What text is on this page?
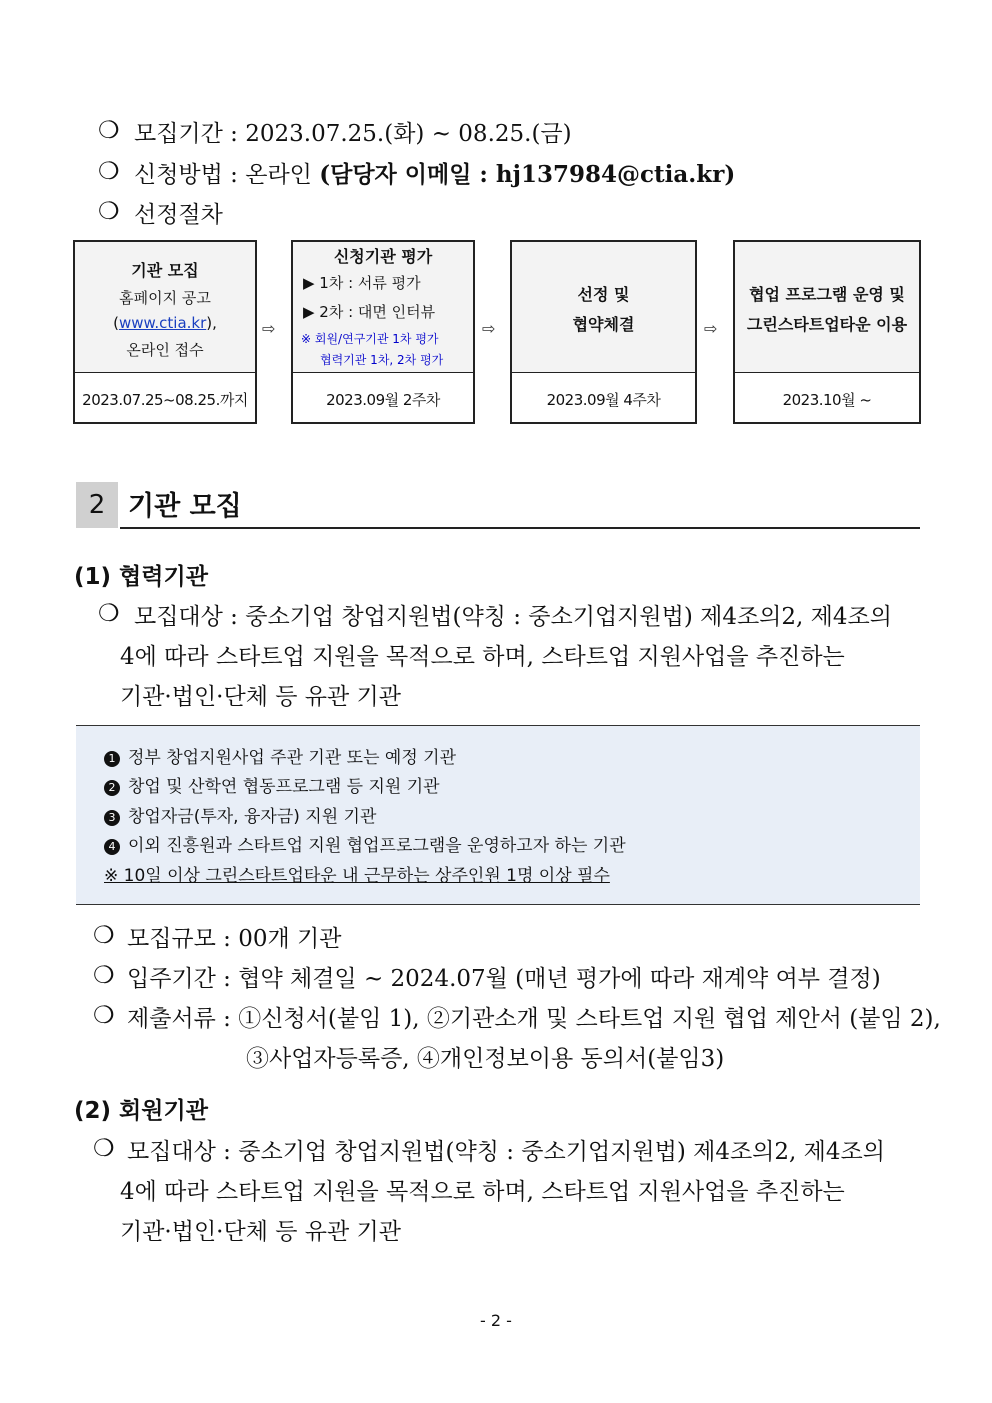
❍ 모집기간 : 2023.07.25.(화) ~ 08.25.(금)
❍ 신청방법 : 온라인 (담당자 이메일 : hj137984@ctia.kr)
❍ 선정절차
기관 모집
홈페이지 공고
(www.ctia.kr),
온라인 접수
2023.07.25~08.25.까지
⇨
신청기관 평가
▶ 1차 : 서류 평가
▶ 2차 : 대면 인터뷰
※ 회원/연구기관 1차 평가
협력기관 1차, 2차 평가
2023.09월 2주차
⇨
선정 및
협약체결
2023.09월 4주차
⇨
협업 프로그램 운영 및
그린스타트업타운 이용
2023.10월 ~
2 기관 모집
(1) 협력기관
❍ 모집대상 : 중소기업 창업지원법(약칭 : 중소기업지원법) 제4조의2, 제4조의
4에 따라 스타트업 지원을 목적으로 하며, 스타트업 지원사업을 추진하는
기관·법인·단체 등 유관 기관
1 정부 창업지원사업 주관 기관 또는 예정 기관
2 창업 및 산학연 협동프로그램 등 지원 기관
3 창업자금(투자, 융자금) 지원 기관
4 이외 진흥원과 스타트업 지원 협업프로그램을 운영하고자 하는 기관
※ 10일 이상 그린스타트업타운 내 근무하는 상주인원 1명 이상 필수
❍ 모집규모 : 00개 기관
❍ 입주기간 : 협약 체결일 ~ 2024.07월 (매년 평가에 따라 재계약 여부 결정)
❍ 제출서류 : ①신청서(붙임 1), ②기관소개 및 스타트업 지원 협업 제안서 (붙임 2),
③사업자등록증, ④개인정보이용 동의서(붙임3)
(2) 회원기관
❍ 모집대상 : 중소기업 창업지원법(약칭 : 중소기업지원법) 제4조의2, 제4조의
4에 따라 스타트업 지원을 목적으로 하며, 스타트업 지원사업을 추진하는
기관·법인·단체 등 유관 기관
- 2 -
